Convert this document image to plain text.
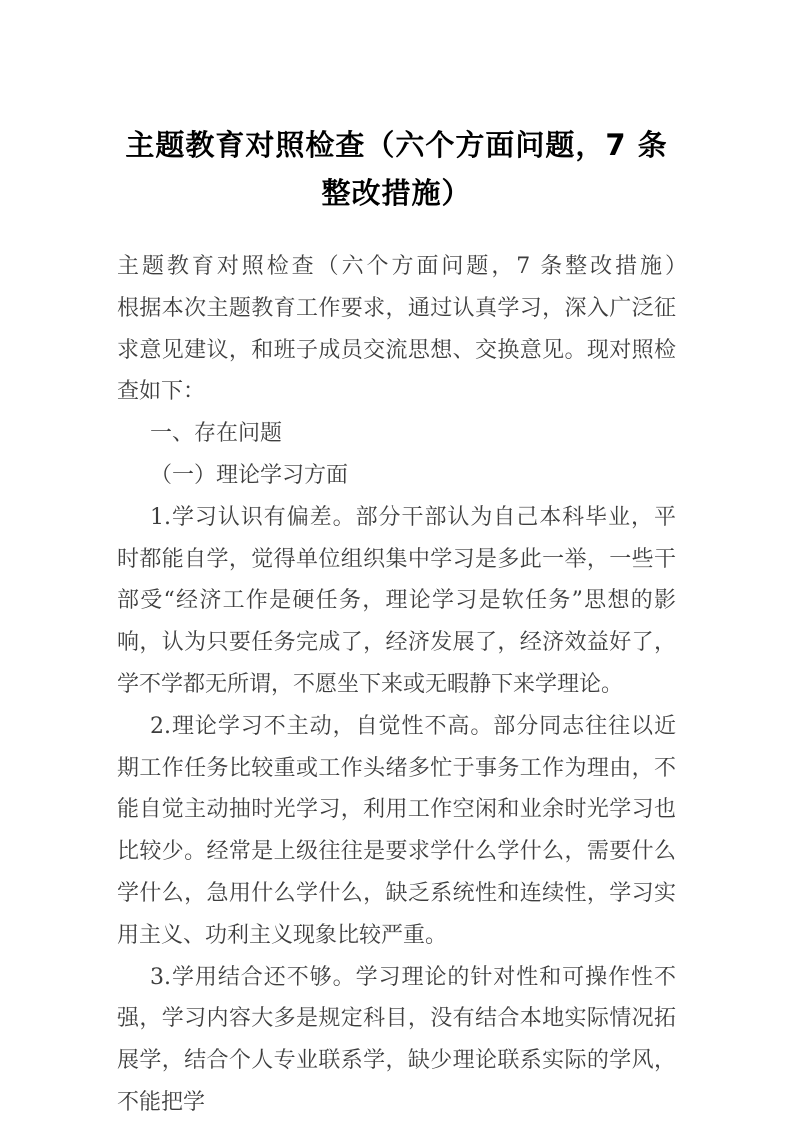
主题教育对照检查（六个方面问题，7 条整改措施）

主题教育对照检查（六个方面问题，7 条整改措施）　　根据本次主题教育工作要求，通过认真学习，深入广泛征求意见建议，和班子成员交流思想、交换意见。现对照检查如下：

一、存在问题

（一）理论学习方面

1.学习认识有偏差。部分干部认为自己本科毕业，平时都能自学，觉得单位组织集中学习是多此一举，一些干部受“经济工作是硬任务，理论学习是软任务”思想的影响，认为只要任务完成了，经济发展了，经济效益好了，学不学都无所谓，不愿坐下来或无暇静下来学理论。

2.理论学习不主动，自觉性不高。部分同志往往以近期工作任务比较重或工作头绪多忙于事务工作为理由，不能自觉主动抽时光学习，利用工作空闲和业余时光学习也比较少。经常是上级往往是要求学什么学什么，需要什么学什么，急用什么学什么，缺乏系统性和连续性，学习实用主义、功利主义现象比较严重。

3.学用结合还不够。学习理论的针对性和可操作性不强，学习内容大多是规定科目，没有结合本地实际情况拓展学，结合个人专业联系学，缺少理论联系实际的学风，不能把学
